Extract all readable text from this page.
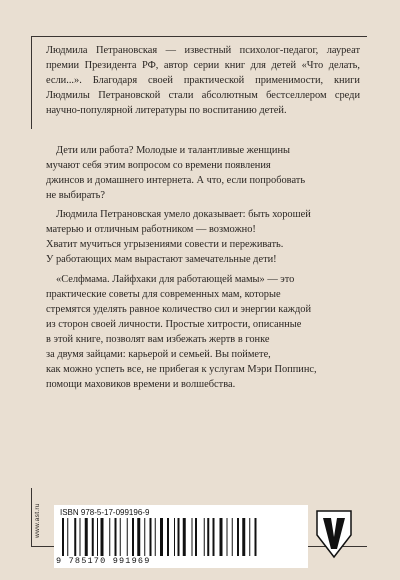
Людмила Петрановская — известный психолог-педагог, лауреат премии Президента РФ, автор серии книг для детей «Что делать, если...». Благодаря своей практической применимости, книги Людмилы Петрановской стали абсолютным бестселлером среди научно-популярной литературы по воспитанию детей.
Дети или работа? Молодые и талантливые женщины
мучают себя этим вопросом со времени появления
джинсов и домашнего интернета. А что, если попробовать
не выбирать?
Людмила Петрановская умело доказывает: быть хорошей
матерью и отличным работником — возможно!
Хватит мучиться угрызениями совести и переживать.
У работающих мам вырастают замечательные дети!
«Селфмама. Лайфхаки для работающей мамы» — это
практические советы для современных мам, которые
стремятся уделять равное количество сил и энергии каждой
из сторон своей личности. Простые хитрости, описанные
в этой книге, позволят вам избежать жертв в гонке
за двумя зайцами: карьерой и семьей. Вы поймете,
как можно успеть все, не прибегая к услугам Мэри Поппинс,
помощи маховиков времени и волшебства.
www.ast.ru ISBN 978-5-17-099196-9
9 785170 991969
